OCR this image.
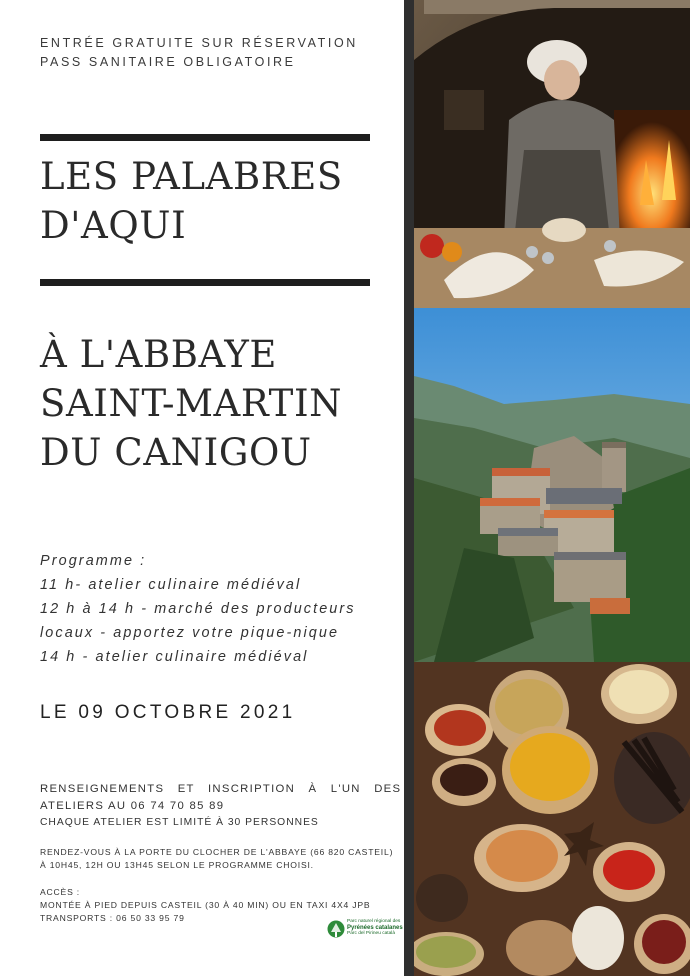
ENTRÉE GRATUITE SUR RÉSERVATION
PASS SANITAIRE OBLIGATOIRE
LES PALABRES
D'AQUI
À L'ABBAYE
SAINT-MARTIN
DU CANIGOU
Programme :
11 h- atelier culinaire médiéval
12 h à 14 h - marché des producteurs
locaux - apportez votre pique-nique
14 h - atelier culinaire médiéval
LE 09 OCTOBRE 2021
RENSEIGNEMENTS ET INSCRIPTION À L'UN DES
ATELIERS AU 06 74 70 85 89
CHAQUE ATELIER EST LIMITÉ À 30 PERSONNES
RENDEZ-VOUS À LA PORTE DU CLOCHER DE L'ABBAYE (66 820 CASTEIL)
À 10H45, 12H OU 13H45 SELON LE PROGRAMME CHOISI.
ACCÈS :
MONTÉE À PIED DEPUIS CASTEIL (30 À 40 MIN) OU EN TAXI 4X4 JPB
TRANSPORTS : 06 50 33 95 79	Parc naturel régional des
Pyrénées catalanes
Parc del Pirineu català
